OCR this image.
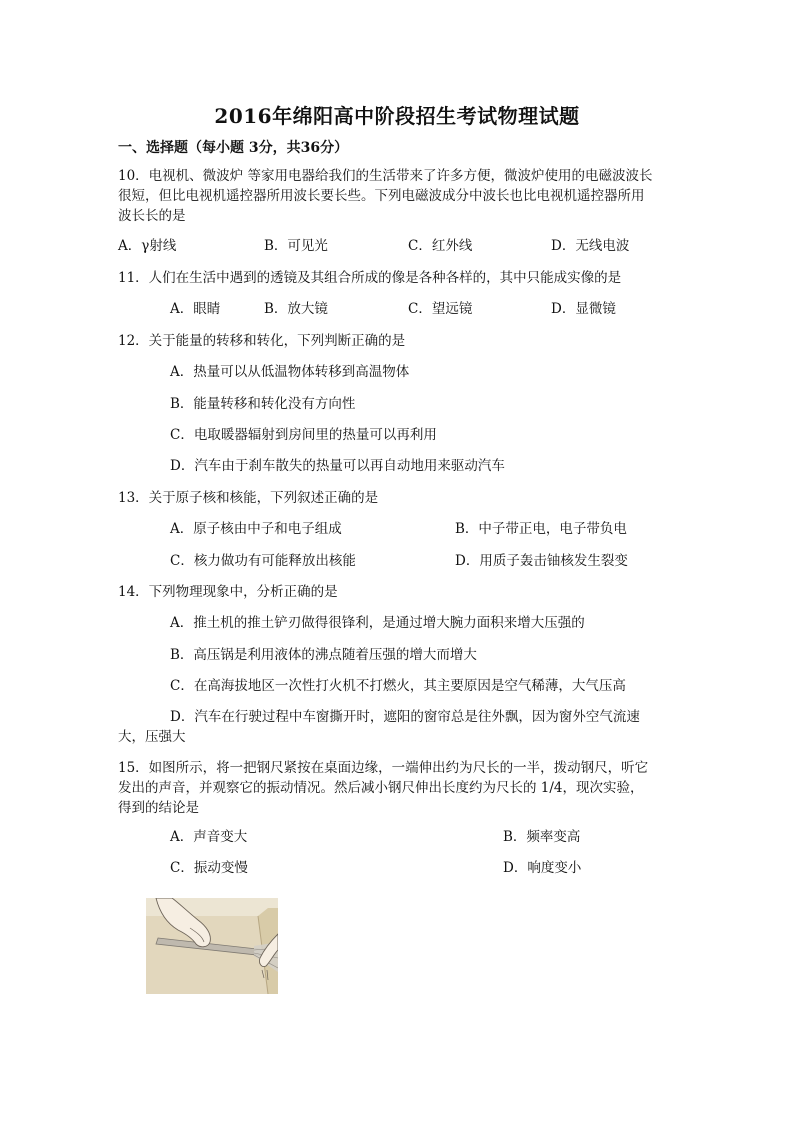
2016年绵阳高中阶段招生考试物理试题
一、选择题（每小题 3分，共36分）
10．电视机、微波炉 等家用电器给我们的生活带来了许多方便，微波炉使用的电磁波波长
很短，但比电视机遥控器所用波长要长些。下列电磁波成分中波长也比电视机遥控器所用
波长长的是
A．γ射线	B．可见光	C．红外线	D．无线电波
11．人们在生活中遇到的透镜及其组合所成的像是各种各样的，其中只能成实像的是
A．眼睛	B．放大镜	C．望远镜	D．显微镜
12．关于能量的转移和转化，下列判断正确的是
A．热量可以从低温物体转移到高温物体
B．能量转移和转化没有方向性
C．电取暖器辐射到房间里的热量可以再利用
D．汽车由于刹车散失的热量可以再自动地用来驱动汽车
13．关于原子核和核能，下列叙述正确的是
A．原子核由中子和电子组成	B．中子带正电，电子带负电
C．核力做功有可能释放出核能	D．用质子轰击铀核发生裂变
14．下列物理现象中，分析正确的是
A．推土机的推土铲刃做得很锋利，是通过增大腕力面积来增大压强的
B．高压锅是利用液体的沸点随着压强的增大而增大
C．在高海拔地区一次性打火机不打燃火，其主要原因是空气稀薄，大气压高
D．汽车在行驶过程中车窗撕开时，遮阳的窗帘总是往外飘，因为窗外空气流速
大，压强大
15．如图所示，将一把钢尺紧按在桌面边缘，一端伸出约为尺长的一半，拨动钢尺，听它
发出的声音，并观察它的振动情况。然后减小钢尺伸出长度约为尺长的 1/4，现次实验，
得到的结论是
A．声音变大	B．频率变高
C．振动变慢	D．响度变小
